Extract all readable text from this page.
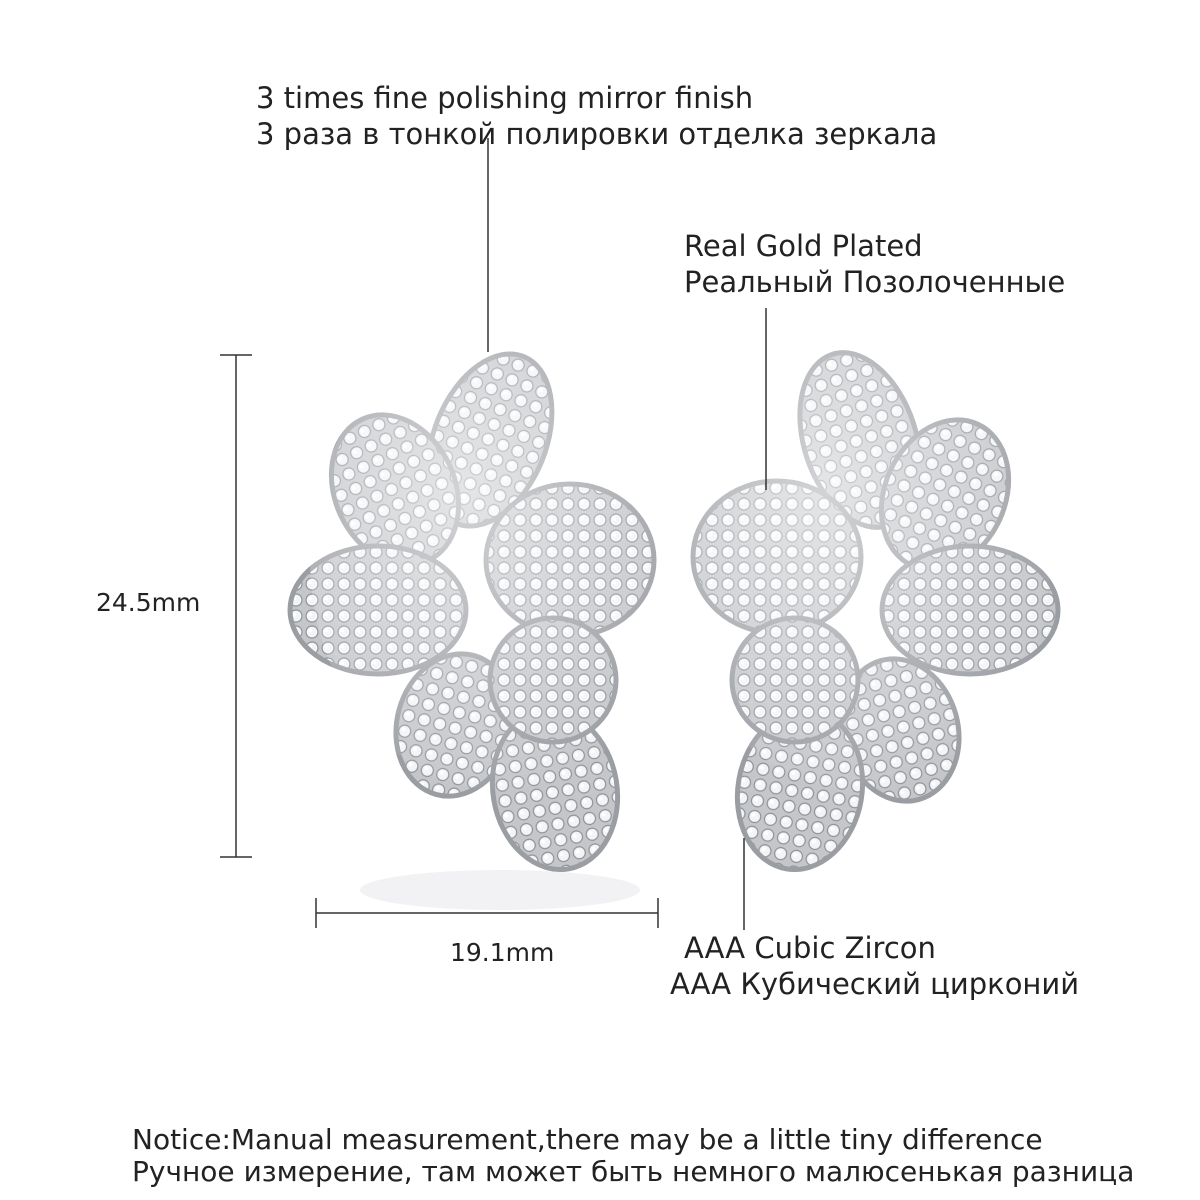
3 times fine polishing mirror finish
3 раза в тонкой полировки отделка зеркала
Real Gold Plated
Реальный Позолоченные
AAA Cubic Zircon
AAA Кубический цирконий
24.5mm
19.1mm
Notice:Manual measurement,there may be a little tiny difference
Ручное измерение, там может быть немного малюсенькая разница
